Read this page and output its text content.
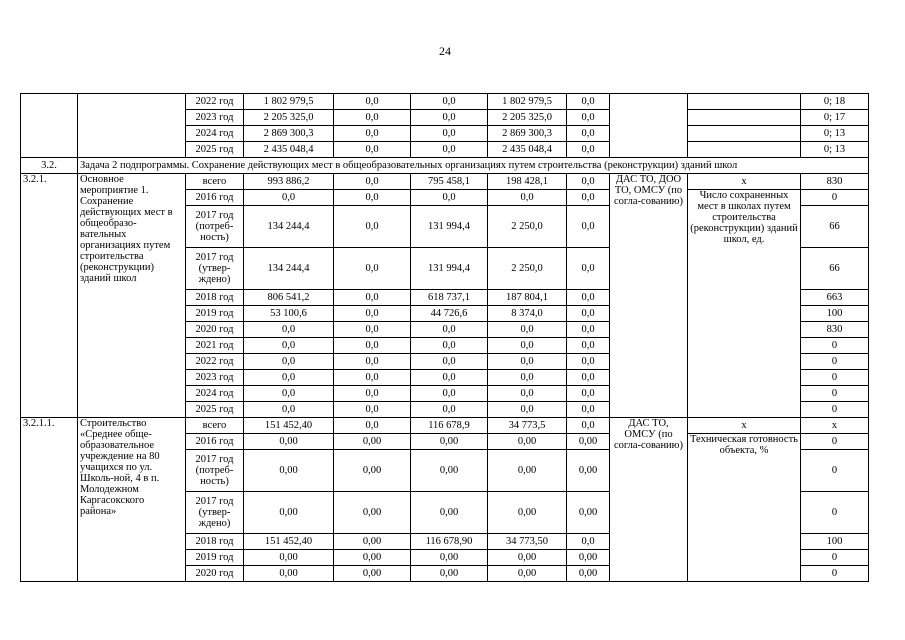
24
		2022 год	1 802 979,5	0,0	0,0	1 802 979,5	0,0			0; 18
		2023 год	2 205 325,0	0,0	0,0	2 205 325,0	0,0			0; 17
		2024 год	2 869 300,3	0,0	0,0	2 869 300,3	0,0			0; 13
		2025 год	2 435 048,4	0,0	0,0	2 435 048,4	0,0			0; 13
3.2.	Задача 2 подпрограммы. Сохранение действующих мест в общеобразовательных организациях путем строительства (реконструкции) зданий школ									
3.2.1.	Основное мероприятие 1. Сохранение действующих мест в общеобразо-вательных организациях путем строительства (реконструкции) зданий школ	всего	993 886,2	0,0	795 458,1	198 428,1	0,0	ДАС ТО, ДОО ТО, ОМСУ (по согла-сованию)	х	830
		2016 год	0,0	0,0	0,0	0,0	0,0		Число сохраненных мест в школах путем строительства (реконструкции) зданий школ, ед.	0
		2017 год (потреб-ность)	134 244,4	0,0	131 994,4	2 250,0	0,0			66
		2017 год (утвер-ждено)	134 244,4	0,0	131 994,4	2 250,0	0,0			66
		2018 год	806 541,2	0,0	618 737,1	187 804,1	0,0			663
		2019 год	53 100,6	0,0	44 726,6	8 374,0	0,0			100
		2020 год	0,0	0,0	0,0	0,0	0,0			830
		2021 год	0,0	0,0	0,0	0,0	0,0			0
		2022 год	0,0	0,0	0,0	0,0	0,0			0
		2023 год	0,0	0,0	0,0	0,0	0,0			0
		2024 год	0,0	0,0	0,0	0,0	0,0			0
		2025 год	0,0	0,0	0,0	0,0	0,0			0
3.2.1.1.	Строительство «Среднее обще-образовательное учреждение на 80 учащихся по ул. Школь-ной, 4 в п. Молодежном Каргасокского района»	всего	151 452,40	0,0	116 678,9	34 773,5	0,0	ДАС ТО, ОМСУ (по согла-сованию)	х	х
		2016 год	0,00	0,00	0,00	0,00	0,00		Техническая готовность объекта, %	0
		2017 год (потреб-ность)	0,00	0,00	0,00	0,00	0,00			0
		2017 год (утвер-ждено)	0,00	0,00	0,00	0,00	0,00			0
		2018 год	151 452,40	0,00	116 678,90	34 773,50	0,0			100
		2019 год	0,00	0,00	0,00	0,00	0,00			0
		2020 год	0,00	0,00	0,00	0,00	0,00			0
